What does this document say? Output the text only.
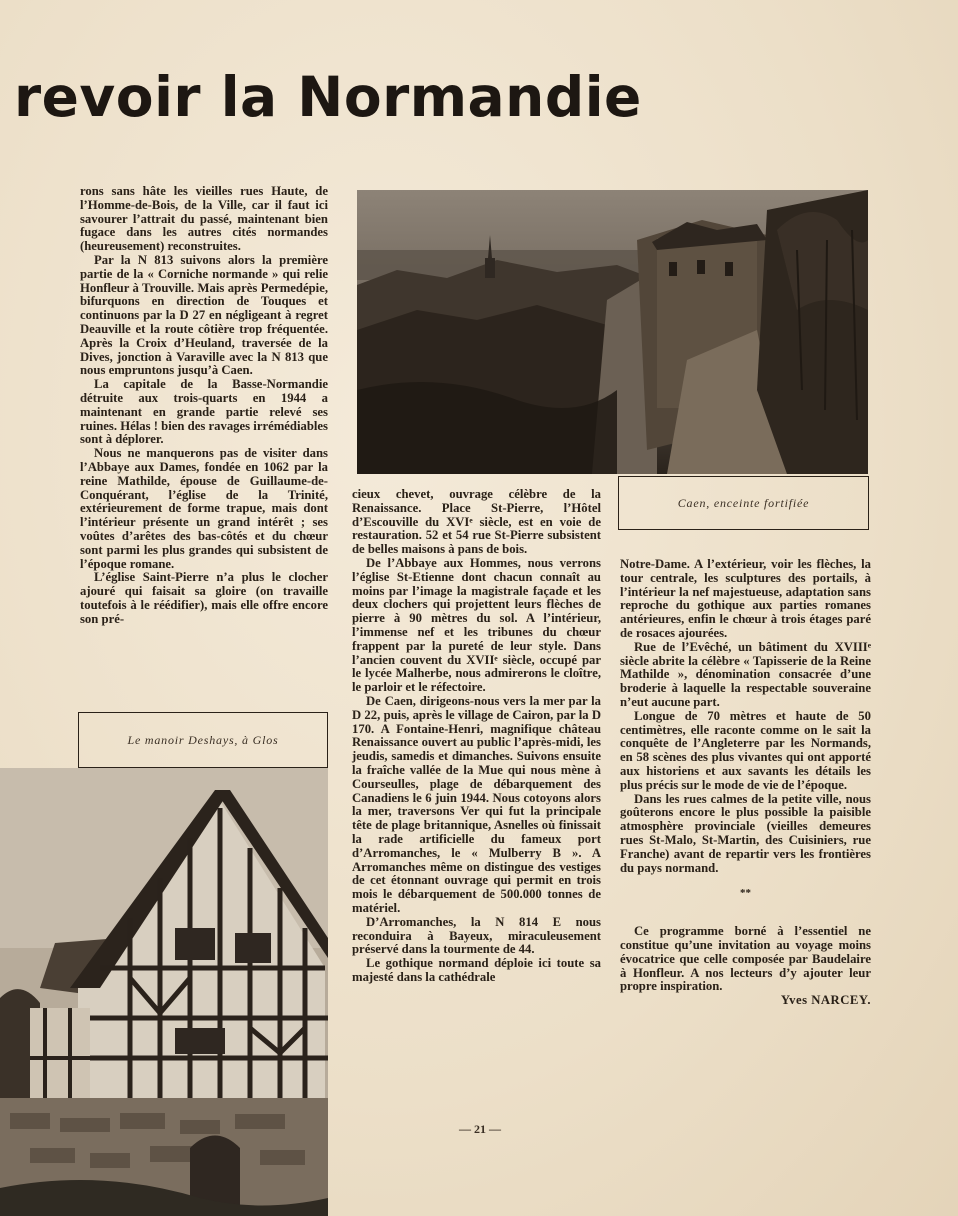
revoir la Normandie
Caen, enceinte fortifiée

rons sans hâte les vieilles rues Haute, de l’Homme-de-Bois, de la Ville, car il faut ici savourer l’attrait du passé, maintenant bien fugace dans les autres cités normandes (heureusement) reconstruites.

Par la N 813 suivons alors la première partie de la « Corniche normande » qui relie Honfleur à Trouville. Mais après Permedépie, bifurquons en direction de Touques et continuons par la D 27 en négligeant à regret Deauville et la route côtière trop fréquentée. Après la Croix d’Heuland, traversée de la Dives, jonction à Varaville avec la N 813 que nous empruntons jusqu’à Caen.

La capitale de la Basse-Normandie détruite aux trois-quarts en 1944 a maintenant en grande partie relevé ses ruines. Hélas ! bien des ravages irrémédiables sont à déplorer.

Nous ne manquerons pas de visiter dans l’Abbaye aux Dames, fondée en 1062 par la reine Mathilde, épouse de Guillaume-de-Conquérant, l’église de la Trinité, extérieurement de forme trapue, mais dont l’intérieur présente un grand intérêt ; ses voûtes d’arêtes des bas-côtés et du chœur sont parmi les plus grandes qui subsistent de l’époque romane.

L’église Saint-Pierre n’a plus le clocher ajouré qui faisait sa gloire (on travaille toutefois à le réédifier), mais elle offre encore son pré-

Le manoir Deshays, à Glos

cieux chevet, ouvrage célèbre de la Renaissance. Place St-Pierre, l’Hôtel d’Escouville du XVIᵉ siècle, est en voie de restauration. 52 et 54 rue St-Pierre subsistent de belles maisons à pans de bois.

De l’Abbaye aux Hommes, nous verrons l’église St-Etienne dont chacun connaît au moins par l’image la magistrale façade et les deux clochers qui projettent leurs flèches de pierre à 90 mètres du sol. A l’intérieur, l’immense nef et les tribunes du chœur frappent par la pureté de leur style. Dans l’ancien couvent du XVIIᵉ siècle, occupé par le lycée Malherbe, nous admirerons le cloître, le parloir et le réfectoire.

De Caen, dirigeons-nous vers la mer par la D 22, puis, après le village de Cairon, par la D 170. A Fontaine-Henri, magnifique château Renaissance ouvert au public l’après-midi, les jeudis, samedis et dimanches. Suivons ensuite la fraîche vallée de la Mue qui nous mène à Courseulles, plage de débarquement des Canadiens le 6 juin 1944. Nous cotoyons alors la mer, traversons Ver qui fut la principale tête de plage britannique, Asnelles où finissait la rade artificielle du fameux port d’Arromanches, le « Mulberry B ». A Arromanches même on distingue des vestiges de cet étonnant ouvrage qui permit en trois mois le débarquement de 500.000 tonnes de matériel.

D’Arromanches, la N 814 E nous reconduira à Bayeux, miraculeusement préservé dans la tourmente de 44.

Le gothique normand déploie ici toute sa majesté dans la cathédrale

Notre-Dame. A l’extérieur, voir les flèches, la tour centrale, les sculptures des portails, à l’intérieur la nef majestueuse, adaptation sans reproche du gothique aux parties romanes antérieures, enfin le chœur à trois étages paré de rosaces ajourées.

Rue de l’Evêché, un bâtiment du XVIIIᵉ siècle abrite la célèbre « Tapisserie de la Reine Mathilde », dénomination consacrée d’une broderie à laquelle la respectable souveraine n’eut aucune part.

Longue de 70 mètres et haute de 50 centimètres, elle raconte comme on le sait la conquête de l’Angleterre par les Normands, en 58 scènes des plus vivantes qui ont apporté aux historiens et aux savants les détails les plus précis sur le mode de vie de l’époque.

Dans les rues calmes de la petite ville, nous goûterons encore le plus possible la paisible atmosphère provinciale (vieilles demeures rues St-Malo, St-Martin, des Cuisiniers, rue Franche) avant de repartir vers les frontières du pays normand.

**

Ce programme borné à l’essentiel ne constitue qu’une invitation au voyage moins évocatrice que celle composée par Baudelaire à Honfleur. A nos lecteurs d’y ajouter leur propre inspiration.

Yves NARCEY.

— 21 —
